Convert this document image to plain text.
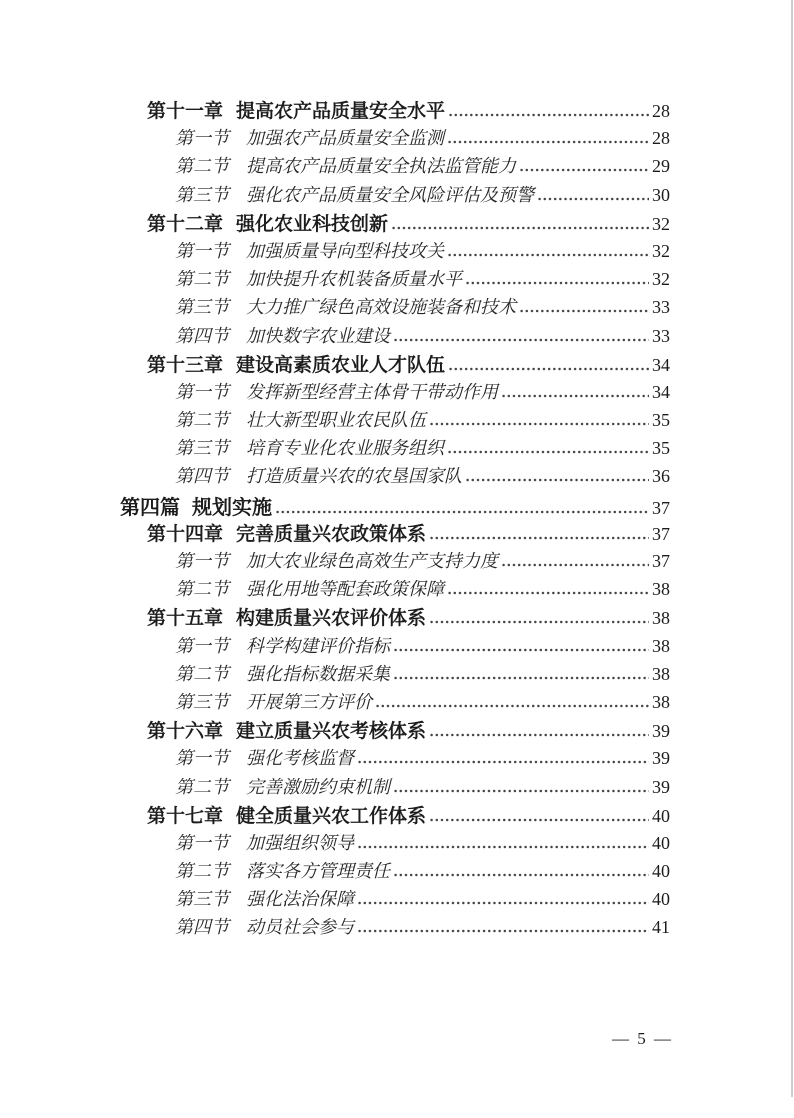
第十一章 提高农产品质量安全水平	28
第一节 加强农产品质量安全监测	28
第二节 提高农产品质量安全执法监管能力	29
第三节 强化农产品质量安全风险评估及预警	30
第十二章 强化农业科技创新	32
第一节 加强质量导向型科技攻关	32
第二节 加快提升农机装备质量水平	32
第三节 大力推广绿色高效设施装备和技术	33
第四节 加快数字农业建设	33
第十三章 建设高素质农业人才队伍	34
第一节 发挥新型经营主体骨干带动作用	34
第二节 壮大新型职业农民队伍	35
第三节 培育专业化农业服务组织	35
第四节 打造质量兴农的农垦国家队	36
第四篇 规划实施	37
第十四章 完善质量兴农政策体系	37
第一节 加大农业绿色高效生产支持力度	37
第二节 强化用地等配套政策保障	38
第十五章 构建质量兴农评价体系	38
第一节 科学构建评价指标	38
第二节 强化指标数据采集	38
第三节 开展第三方评价	38
第十六章 建立质量兴农考核体系	39
第一节 强化考核监督	39
第二节 完善激励约束机制	39
第十七章 健全质量兴农工作体系	40
第一节 加强组织领导	40
第二节 落实各方管理责任	40
第三节 强化法治保障	40
第四节 动员社会参与	41
— 5 —
